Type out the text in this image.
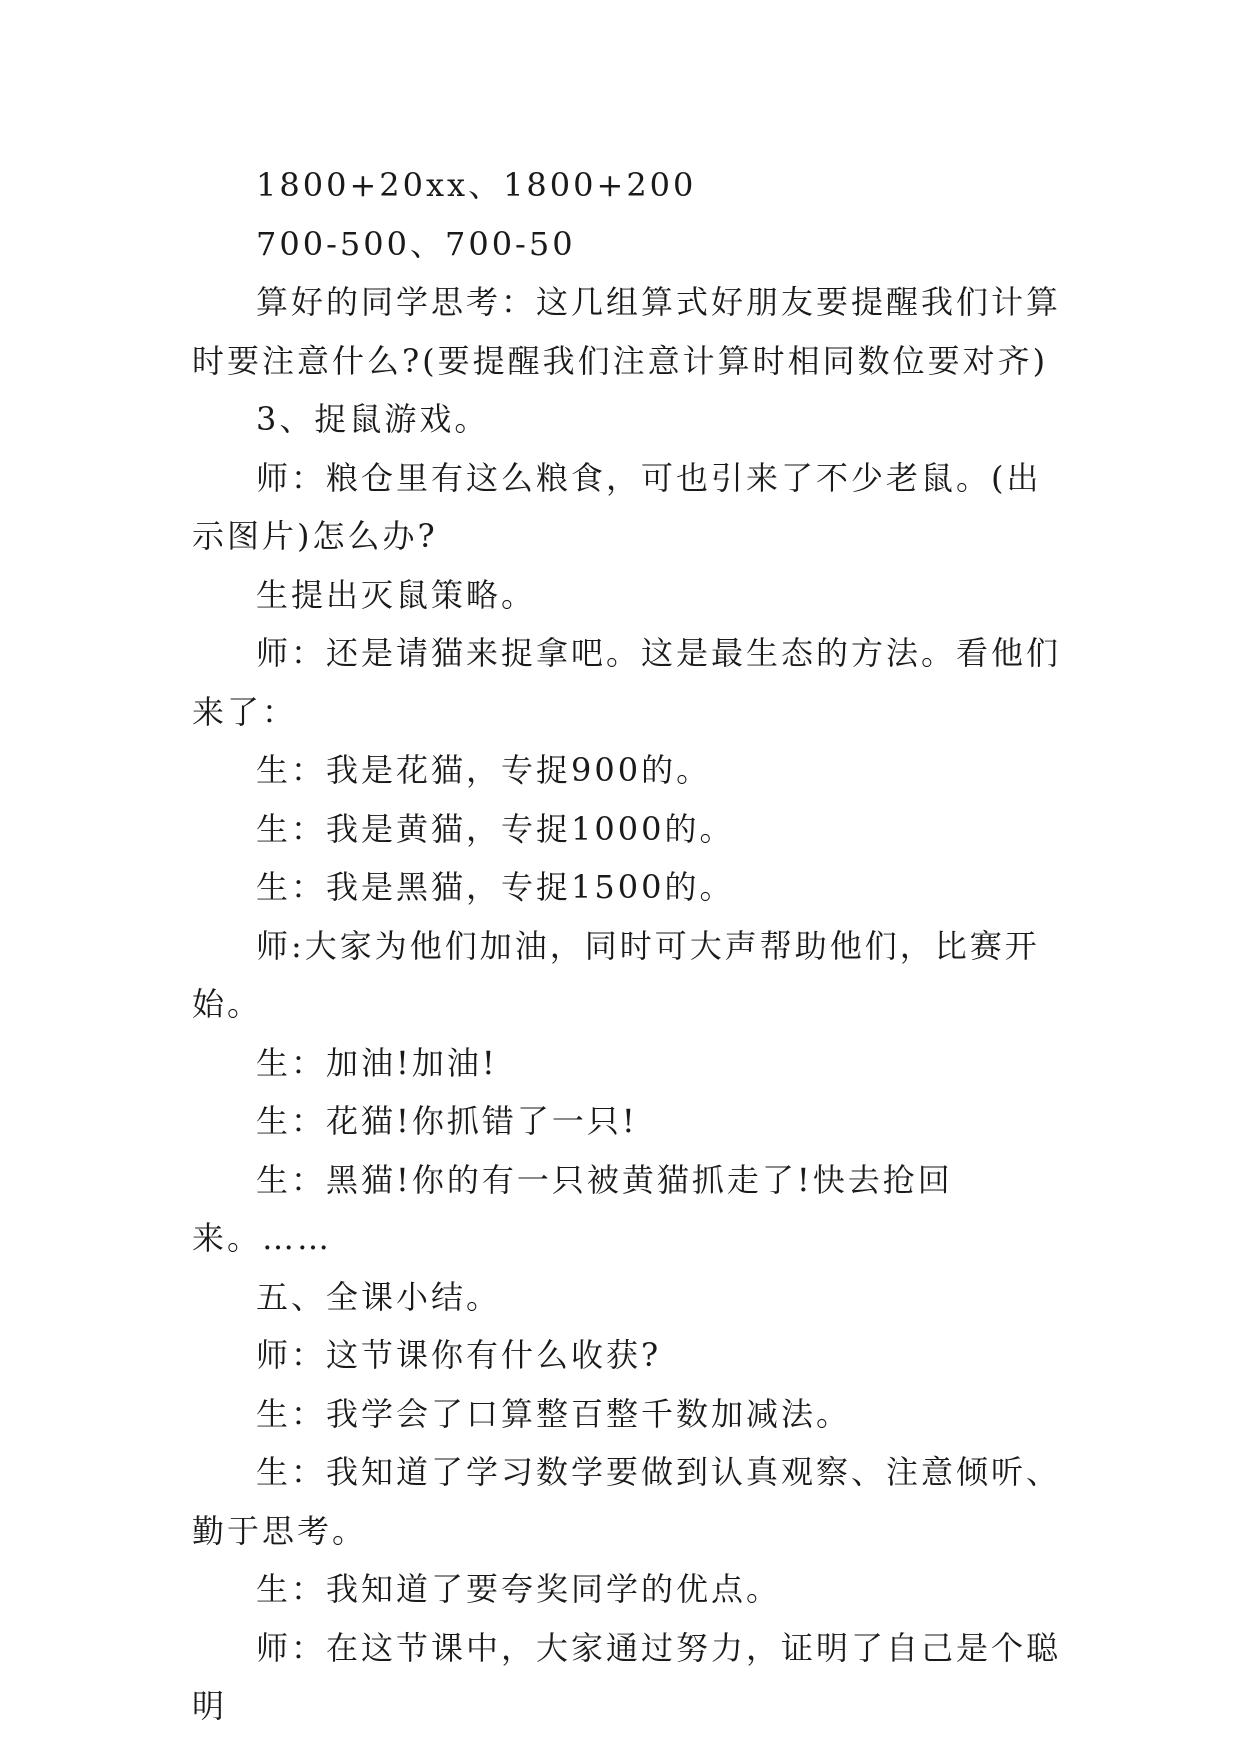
1800+20xx、1800+200

700-500、700-50

算好的同学思考：这几组算式好朋友要提醒我们计算时要注意什么?(要提醒我们注意计算时相同数位要对齐)

3、捉鼠游戏。

师：粮仓里有这么粮食，可也引来了不少老鼠。(出示图片)怎么办?

生提出灭鼠策略。

师：还是请猫来捉拿吧。这是最生态的方法。看他们来了：

生：我是花猫，专捉900的。

生：我是黄猫，专捉1000的。

生：我是黑猫，专捉1500的。

师:大家为他们加油，同时可大声帮助他们，比赛开始。

生：加油!加油!

生：花猫!你抓错了一只!

生：黑猫!你的有一只被黄猫抓走了!快去抢回来。……

五、全课小结。

师：这节课你有什么收获?

生：我学会了口算整百整千数加减法。

生：我知道了学习数学要做到认真观察、注意倾听、勤于思考。

生：我知道了要夸奖同学的优点。

师：在这节课中，大家通过努力，证明了自己是个聪明
